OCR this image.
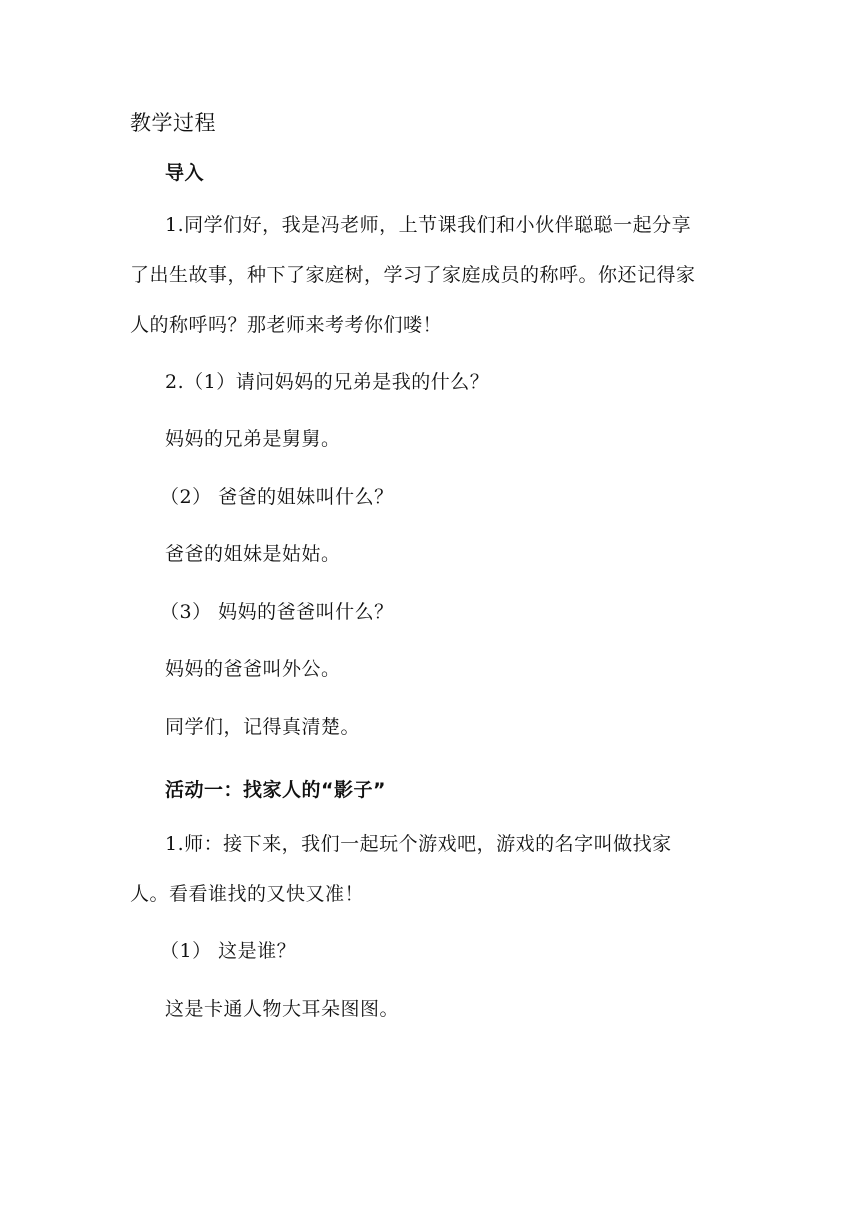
教学过程

导入

1.同学们好，我是冯老师，上节课我们和小伙伴聪聪一起分享

了出生故事，种下了家庭树，学习了家庭成员的称呼。你还记得家

人的称呼吗？那老师来考考你们喽！

2.（1）请问妈妈的兄弟是我的什么？

妈妈的兄弟是舅舅。

（2） 爸爸的姐妹叫什么？

爸爸的姐妹是姑姑。

（3） 妈妈的爸爸叫什么？

妈妈的爸爸叫外公。

同学们，记得真清楚。

活动一：找家人的“影子”

1.师：接下来，我们一起玩个游戏吧，游戏的名字叫做找家

人。看看谁找的又快又准！

（1） 这是谁？

这是卡通人物大耳朵图图。
